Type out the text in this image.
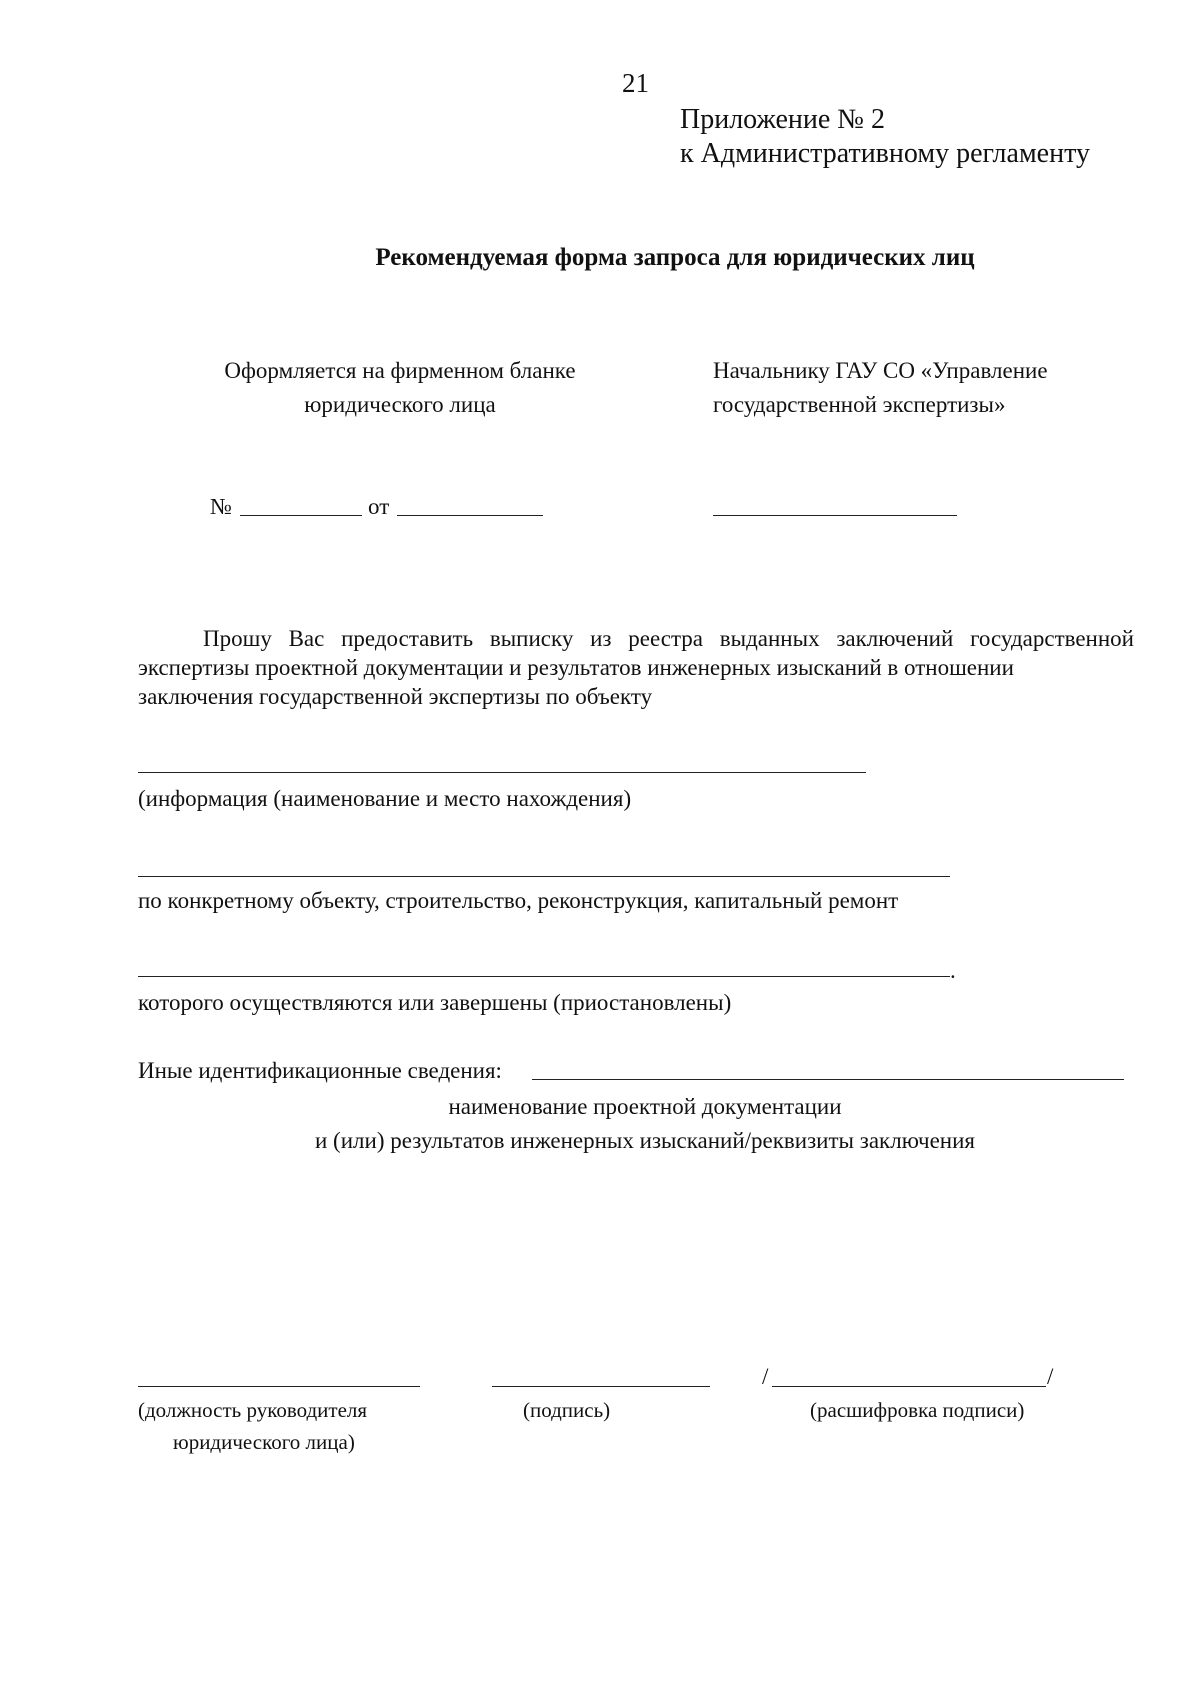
21
Приложение № 2
к Административному регламенту
Рекомендуемая форма запроса для юридических лиц
Оформляется на фирменном бланке
юридического лица
Начальнику ГАУ СО «Управление
государственной экспертизы»
№	от
Прошу Вас предоставить выписку из реестра выданных заключений государственной экспертизы проектной документации и результатов инженерных изысканий в отношении
заключения государственной экспертизы по объекту
(информация (наименование и место нахождения)
по конкретному объекту, строительство, реконструкция, капитальный ремонт
.
которого осуществляются или завершены (приостановлены)
Иные идентификационные сведения:
наименование проектной документации
и (или) результатов инженерных изысканий/реквизиты заключения
/	/
(должность руководителя
юридического лица)
(подпись)	(расшифровка подписи)
